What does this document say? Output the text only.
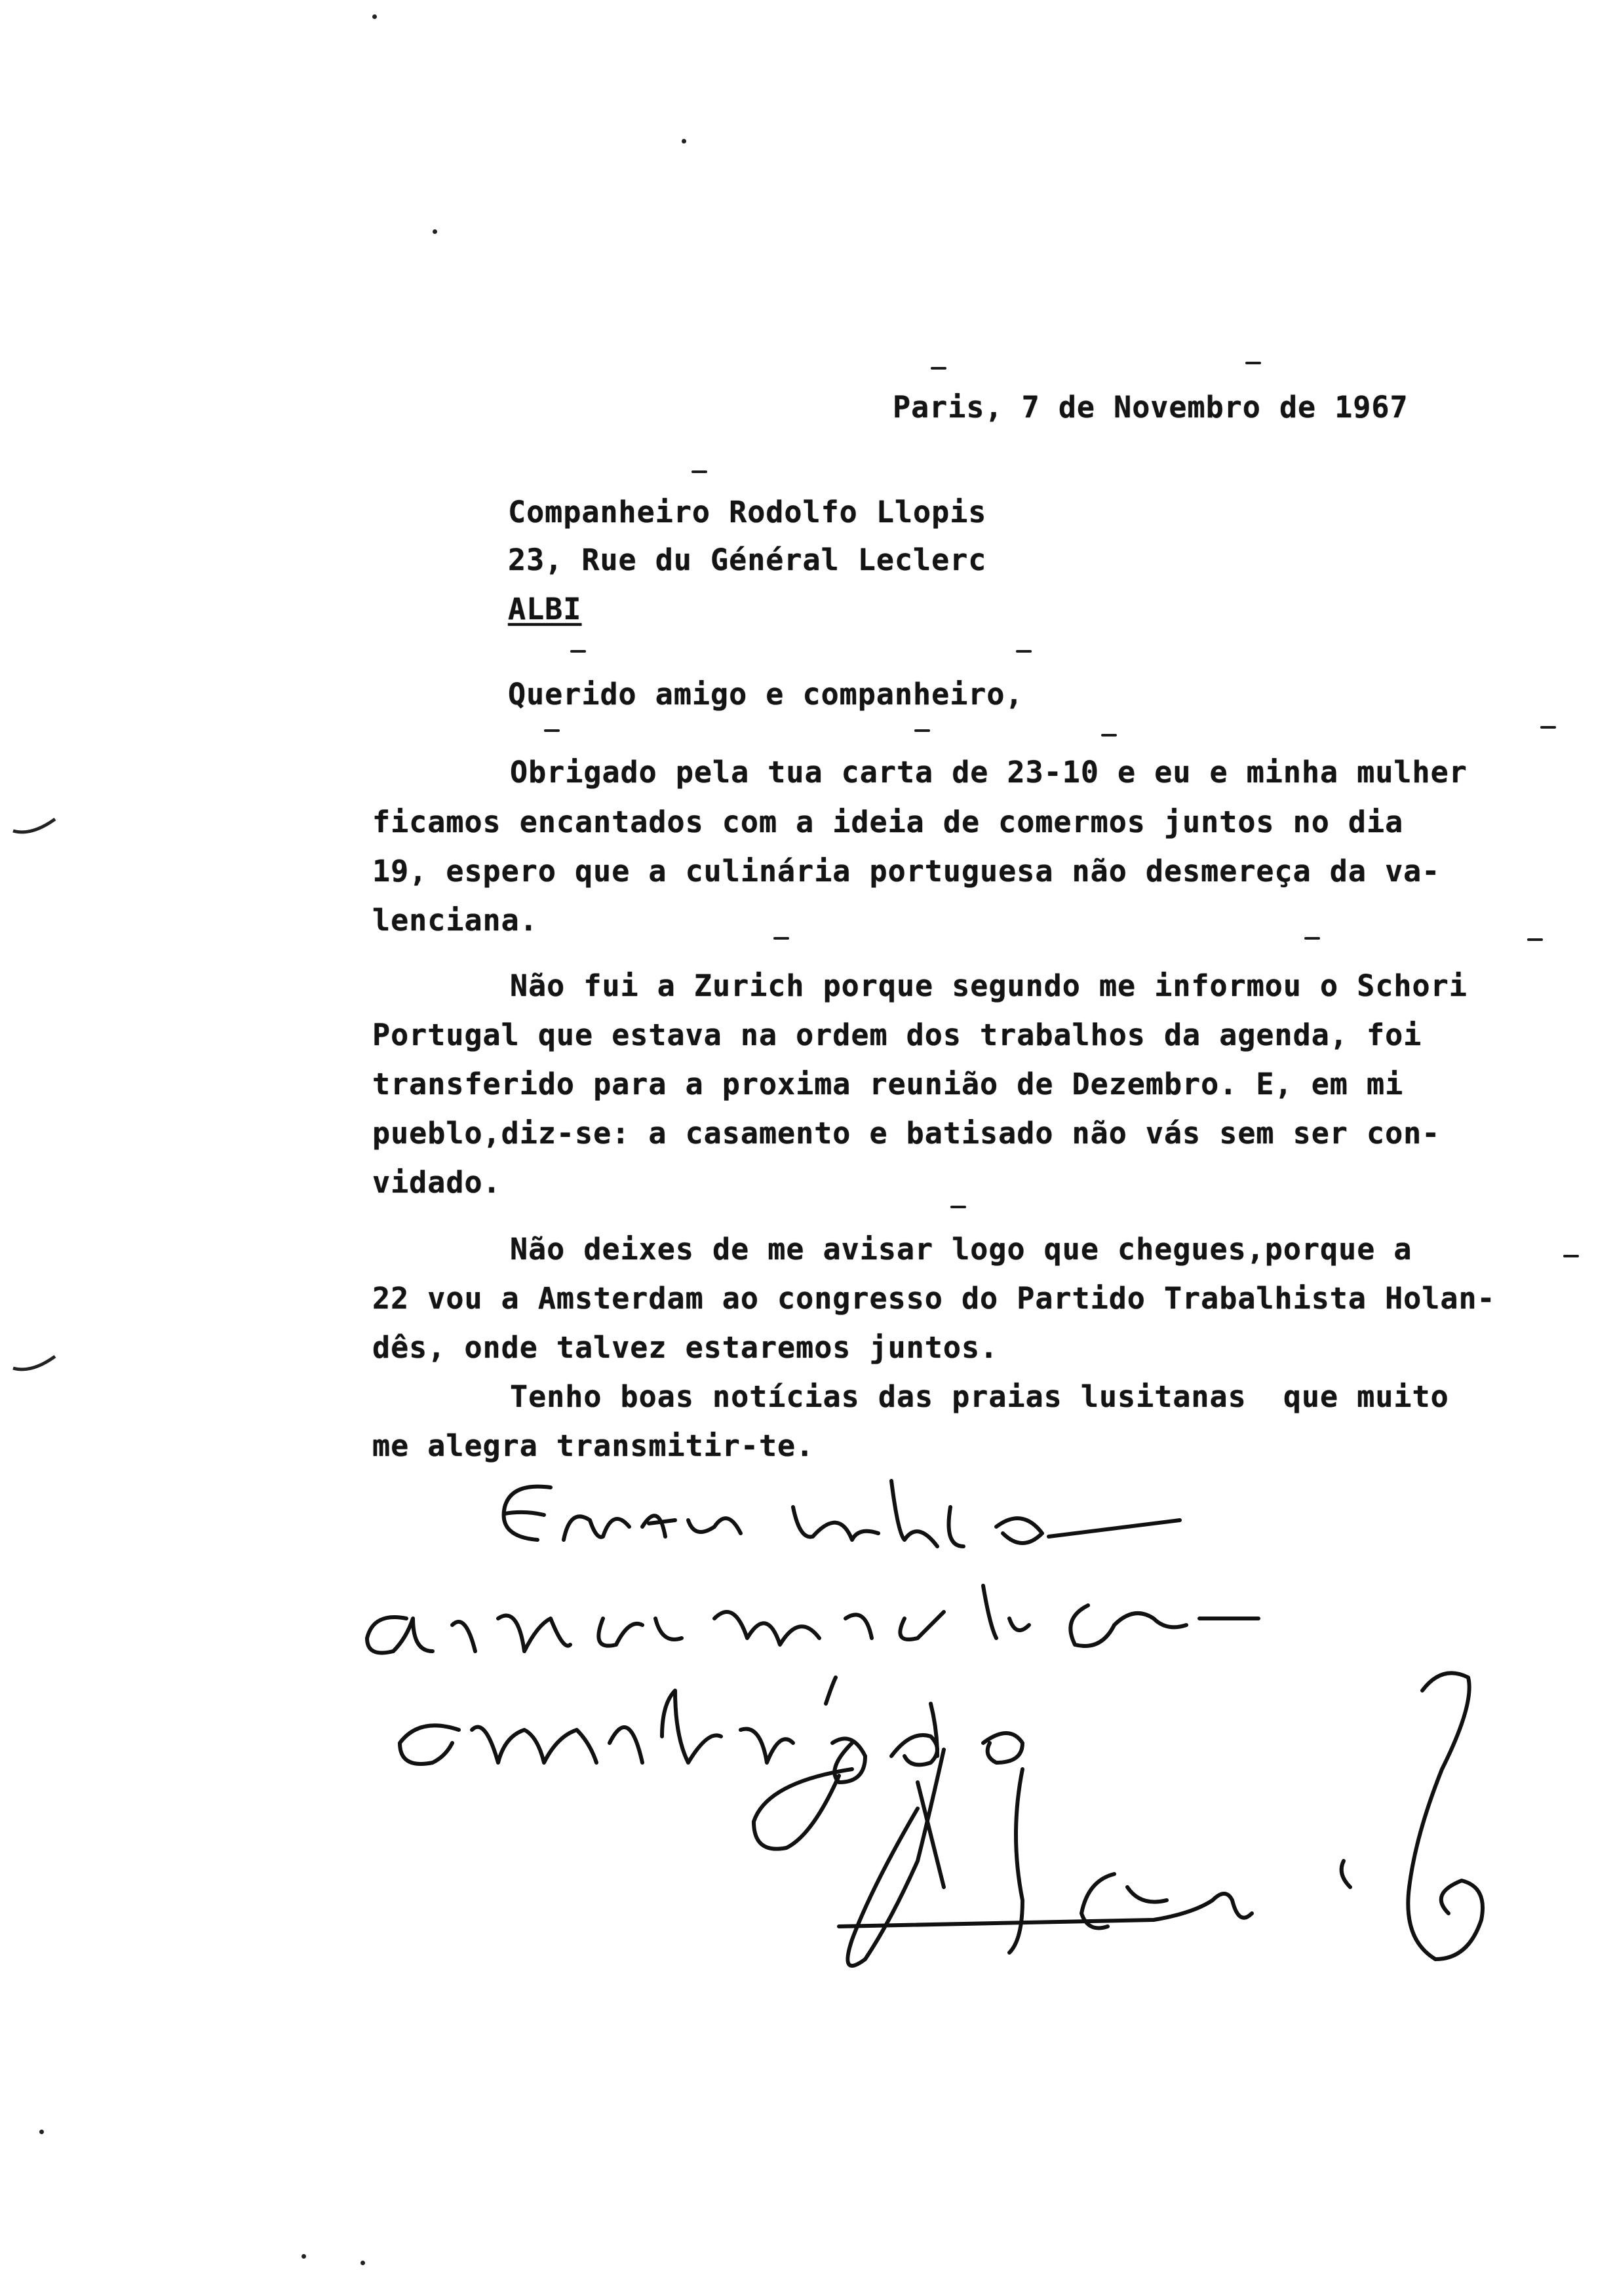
Paris, 7 de Novembro de 1967
Companheiro Rodolfo Llopis
23, Rue du Général Leclerc
ALBI
Querido amigo e companheiro,
Obrigado pela tua carta de 23-10 e eu e minha mulher
ficamos encantados com a ideia de comermos juntos no dia
19, espero que a culinária portuguesa não desmereça da va-
lenciana.
Não fui a Zurich porque segundo me informou o Schori
Portugal que estava na ordem dos trabalhos da agenda, foi
transferido para a proxima reunião de Dezembro. E, em mi
pueblo,diz-se: a casamento e batisado não vás sem ser con-
vidado.
Não deixes de me avisar logo que chegues,porque a
22 vou a Amsterdam ao congresso do Partido Trabalhista Holan-
dês, onde talvez estaremos juntos.
Tenho boas notícias das praias lusitanas  que muito
me alegra transmitir-te.
